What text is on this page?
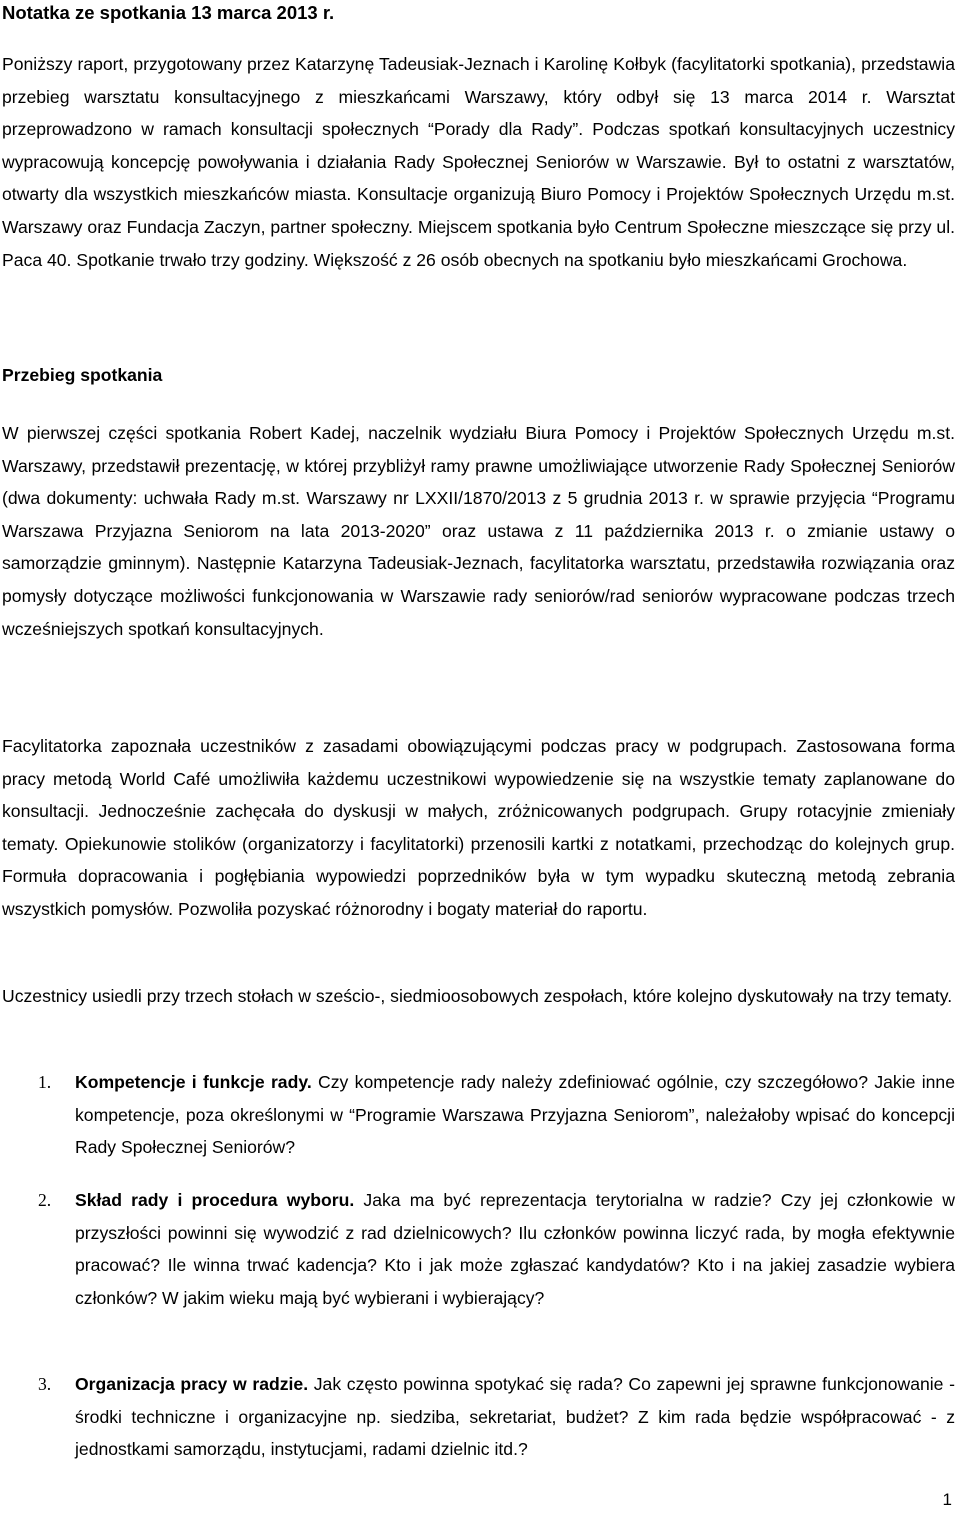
Notatka ze spotkania 13 marca 2013 r.

Poniższy raport, przygotowany przez Katarzynę Tadeusiak-Jeznach i Karolinę Kołbyk (facylitatorki spotkania), przedstawia przebieg warsztatu konsultacyjnego z mieszkańcami Warszawy, który odbył się 13 marca 2014 r. Warsztat przeprowadzono w ramach konsultacji społecznych “Porady dla Rady”. Podczas spotkań konsultacyjnych uczestnicy wypracowują koncepcję powoływania i działania Rady Społecznej Seniorów w Warszawie. Był to ostatni z warsztatów, otwarty dla wszystkich mieszkańców miasta. Konsultacje organizują Biuro Pomocy i Projektów Społecznych Urzędu m.st. Warszawy oraz Fundacja Zaczyn, partner społeczny. Miejscem spotkania było Centrum Społeczne mieszczące się przy ul. Paca 40. Spotkanie trwało trzy godziny. Większość z 26 osób obecnych na spotkaniu było mieszkańcami Grochowa.

Przebieg spotkania

W pierwszej części spotkania Robert Kadej, naczelnik wydziału Biura Pomocy i Projektów Społecznych Urzędu m.st. Warszawy, przedstawił prezentację, w której przybliżył ramy prawne umożliwiające utworzenie Rady Społecznej Seniorów (dwa dokumenty: uchwała Rady m.st. Warszawy nr LXXII/1870/2013 z 5 grudnia 2013 r. w sprawie przyjęcia “Programu Warszawa Przyjazna Seniorom na lata 2013-2020” oraz ustawa z 11 października 2013 r. o zmianie ustawy o samorządzie gminnym). Następnie Katarzyna Tadeusiak-Jeznach, facylitatorka warsztatu, przedstawiła rozwiązania oraz pomysły dotyczące możliwości funkcjonowania w Warszawie rady seniorów/rad seniorów wypracowane podczas trzech wcześniejszych spotkań konsultacyjnych.

Facylitatorka zapoznała uczestników z zasadami obowiązującymi podczas pracy w podgrupach. Zastosowana forma pracy metodą World Café umożliwiła każdemu uczestnikowi wypowiedzenie się na wszystkie tematy zaplanowane do konsultacji. Jednocześnie zachęcała do dyskusji w małych, zróżnicowanych podgrupach. Grupy rotacyjnie zmieniały tematy. Opiekunowie stolików (organizatorzy i facylitatorki) przenosili kartki z notatkami, przechodząc do kolejnych grup. Formuła dopracowania i pogłębiania wypowiedzi poprzedników była w tym wypadku skuteczną metodą zebrania wszystkich pomysłów. Pozwoliła pozyskać różnorodny i bogaty materiał do raportu.

Uczestnicy usiedli przy trzech stołach w sześcio-, siedmioosobowych zespołach, które kolejno dyskutowały na trzy tematy.

1. Kompetencje i funkcje rady. Czy kompetencje rady należy zdefiniować ogólnie, czy szczegółowo? Jakie inne kompetencje, poza określonymi w “Programie Warszawa Przyjazna Seniorom”, należałoby wpisać do koncepcji Rady Społecznej Seniorów?

2. Skład rady i procedura wyboru. Jaka ma być reprezentacja terytorialna w radzie? Czy jej członkowie w przyszłości powinni się wywodzić z rad dzielnicowych? Ilu członków powinna liczyć rada, by mogła efektywnie pracować? Ile winna trwać kadencja? Kto i jak może zgłaszać kandydatów? Kto i na jakiej zasadzie wybiera członków? W jakim wieku mają być wybierani i wybierający?

3. Organizacja pracy w radzie. Jak często powinna spotykać się rada? Co zapewni jej sprawne funkcjonowanie - środki techniczne i organizacyjne np. siedziba, sekretariat, budżet? Z kim rada będzie współpracować - z jednostkami samorządu, instytucjami, radami dzielnic itd.?

1
